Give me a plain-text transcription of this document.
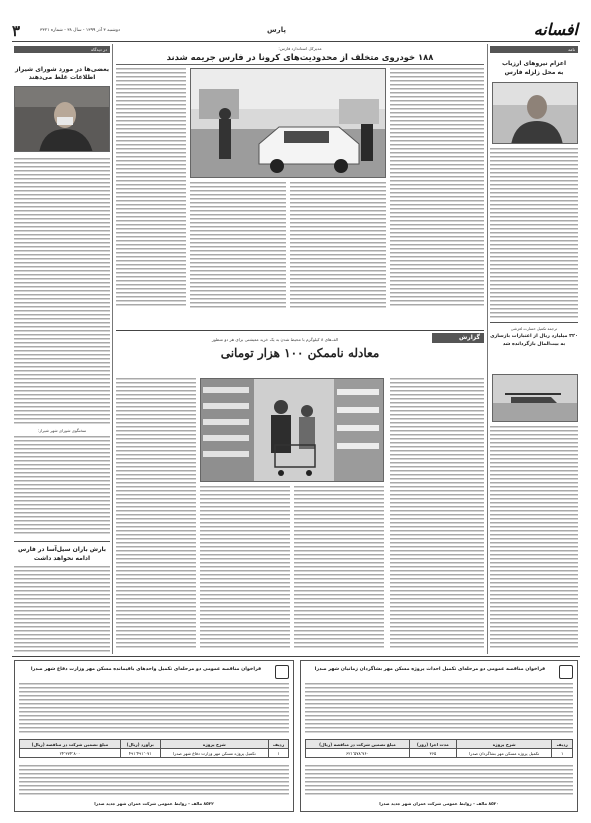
۳	دوشنبه ۳ آذر ۱۳۹۹ - سال ۳۸ - شماره ۳۳۲۱	پارس	افسانه
در دیدگاه
بعضی‌ها در مورد شورای شیراز
اطلاعات غلط می‌دهند
سخنگوی شورای شهر شیراز:
بارش باران سیل‌آسا در فارس
ادامه نخواهد داشت
مدیرکل استاندارد فارس:
۱۸۸ خودروی متخلف از محدودیت‌های کرونا در فارس جریمه شدند
گزارش
الف‌های ۸ کیلوگرم با محیط شدن به یک خرید معیشتی برای هر دو منظور
معادله ناممکن ۱۰۰ هزار تومانی
نامه
اعزام نیروهای ارزیاب
به محل زلزله فارس
ترجمه تکمیل خسارت لغزشی
۴۲۰ میلیارد ریال از اعتبارات بازسازی
به بیت‌المال بازگردانده شد
فراخوان مناقصه عمومی دو مرحله‌ای تکمیل واحدهای باقیمانده مسکن مهر وزارت دفاع شهر صدرا
ردیف	شرح پروژه	برآورد (ریال)	مبلغ تضمین شرکت در مناقصه (ریال)
۱	تکمیل پروژه مسکن مهر وزارت دفاع شهر صدرا	۴۹۱٬۴۹۱٬۰۷۱	۲۴٬۳۷۴٬۸۰۰
۸۵۲۲ مالف - روابط عمومی شرکت عمران شهر جدید صدرا
فراخوان مناقصه عمومی دو مرحله‌ای تکمیل احداث پروژه مسکن مهر بشاگردان زمانیان شهر صدرا
ردیف	شرح پروژه	مدت اجرا (روز)	مبلغ تضمین شرکت در مناقصه (ریال)
۱	تکمیل پروژه مسکن مهر بشاگردان صدرا	۳۶۵	۶۲۱٬۵۷۸٬۷۶۰
۸۵۲۰ مالف - روابط عمومی شرکت عمران شهر جدید صدرا
